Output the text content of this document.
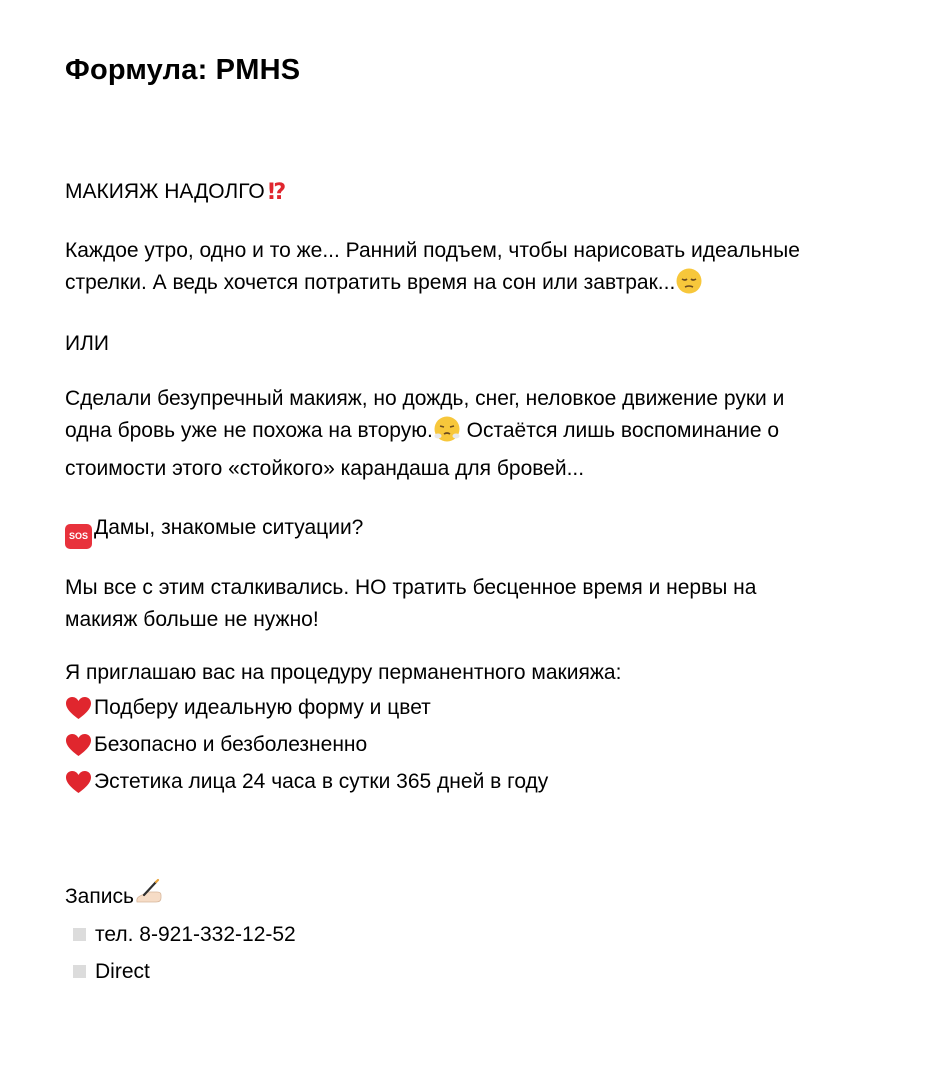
Формула: PMHS

МАКИЯЖ НАДОЛГО ⁉

Каждое утро, одно и то же... Ранний подъем, чтобы нарисовать идеальные
стрелки. А ведь хочется потратить время на сон или завтрак...

ИЛИ

Сделали безупречный макияж, но дождь, снег, неловкое движение руки и
одна бровь уже не похожа на вторую. Остаётся лишь воспоминание о
стоимости этого «стойкого» карандаша для бровей...

SOS Дамы, знакомые ситуации?

Мы все с этим сталкивались. НО тратить бесценное время и нервы на
макияж больше не нужно!

Я приглашаю вас на процедуру перманентного макияжа:
Подберу идеальную форму и цвет
Безопасно и безболезненно
Эстетика лица 24 часа в сутки 365 дней в году
Запись
тел. 8-921-332-12-52
Direct
